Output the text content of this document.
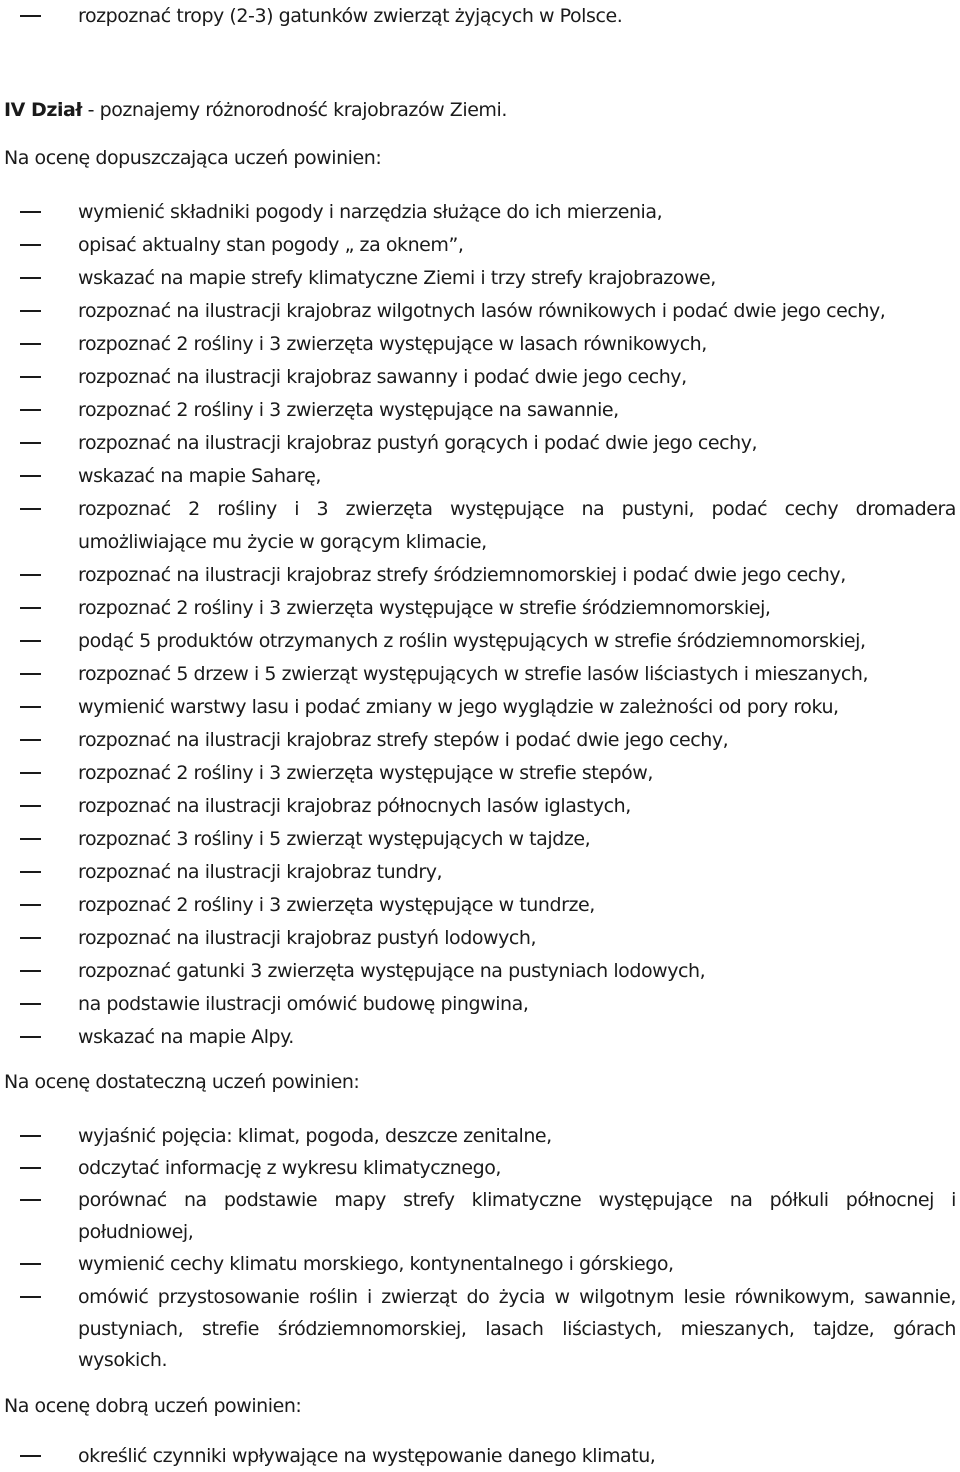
rozpoznać tropy (2-3) gatunków zwierząt żyjących w Polsce.
IV Dział - poznajemy różnorodność krajobrazów Ziemi.
Na ocenę dopuszczająca uczeń powinien:
wymienić składniki pogody i narzędzia służące do ich mierzenia,
opisać aktualny stan pogody „ za oknem”,
wskazać na mapie strefy klimatyczne Ziemi i trzy strefy krajobrazowe,
rozpoznać na ilustracji krajobraz wilgotnych lasów równikowych i podać dwie jego cechy,
rozpoznać 2 rośliny i 3 zwierzęta występujące w lasach równikowych,
rozpoznać na ilustracji krajobraz sawanny i podać dwie jego cechy,
rozpoznać 2 rośliny i 3 zwierzęta występujące na sawannie,
rozpoznać na ilustracji krajobraz pustyń gorących i podać dwie jego cechy,
wskazać na mapie Saharę,
rozpoznać 2 rośliny i 3 zwierzęta występujące na pustyni, podać cechy dromadera
umożliwiające mu życie w gorącym klimacie,
rozpoznać na ilustracji krajobraz strefy śródziemnomorskiej i podać dwie jego cechy,
rozpoznać 2 rośliny i 3 zwierzęta występujące w strefie śródziemnomorskiej,
podąć 5 produktów otrzymanych z roślin występujących w strefie śródziemnomorskiej,
rozpoznać 5 drzew i 5 zwierząt występujących w strefie lasów liściastych i mieszanych,
wymienić warstwy lasu i podać zmiany w jego wyglądzie w zależności od pory roku,
rozpoznać na ilustracji krajobraz strefy stepów i podać dwie jego cechy,
rozpoznać 2 rośliny i 3 zwierzęta występujące w strefie stepów,
rozpoznać na ilustracji krajobraz północnych lasów iglastych,
rozpoznać 3 rośliny i 5 zwierząt występujących w tajdze,
rozpoznać na ilustracji krajobraz tundry,
rozpoznać 2 rośliny i 3 zwierzęta występujące w tundrze,
rozpoznać na ilustracji krajobraz pustyń lodowych,
rozpoznać gatunki 3 zwierzęta występujące na pustyniach lodowych,
na podstawie ilustracji omówić budowę pingwina,
wskazać na mapie Alpy.
Na ocenę dostateczną uczeń powinien:
wyjaśnić pojęcia: klimat, pogoda, deszcze zenitalne,
odczytać informację z wykresu klimatycznego,
porównać na podstawie mapy strefy klimatyczne występujące na półkuli północnej i
południowej,
wymienić cechy klimatu morskiego, kontynentalnego i górskiego,
omówić przystosowanie roślin i zwierząt do życia w wilgotnym lesie równikowym, sawannie,
pustyniach, strefie śródziemnomorskiej, lasach liściastych, mieszanych, tajdze, górach
wysokich.
Na ocenę dobrą uczeń powinien:
określić czynniki wpływające na występowanie danego klimatu,
